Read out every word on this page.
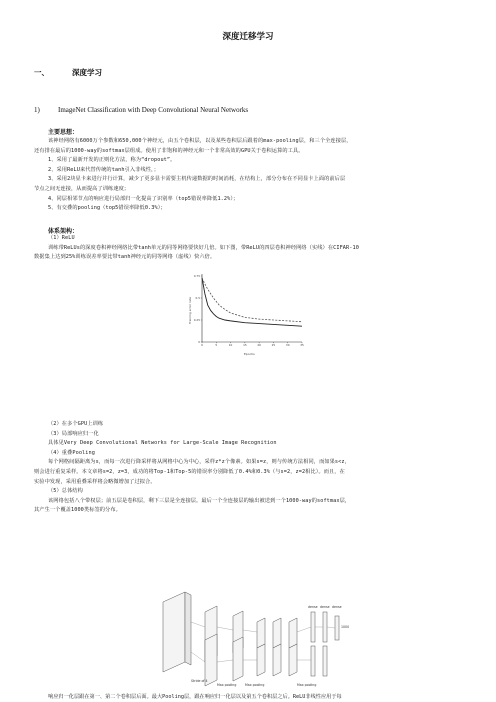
深度迁移学习
一、	深度学习
1)	ImageNet Classification with Deep Convolutional Neural Networks
主要思想：
该神经网络有6000万个参数和650,000个神经元，由五个卷积层，以及某些卷积层后跟着的max-pooling层，和三个全连接层，
还有排在最后的1000-way的softmax层组成。使用了非饱和的神经元和一个非常高效的GPU关于卷积运算的工具。
1、采用了最新开发的正则化方法，称为“dropout”。
2、采用ReLU来代替传统的tanh引入非线性，；
3、采用2块显卡来进行并行计算，减少了更多显卡需要主机传递数据的时间消耗，在结构上，部分分布在不同显卡上面的前后层
节点之间无连接，从而提高了训练速度；
4、同层相邻节点的响应进行局部归一化提高了识别率（top5错误率降低1.2%）；
5、有交叠的pooling（top5错误率降低0.3%）；
体系架构：
（1）ReLU
训练带ReLUs的深度卷积神经网络比带tanh单元的同等网络要快好几倍。如下图，带ReLU的四层卷积神经网络（实线）在CIFAR-10
数据集上达到25%训练误差率要比带tanh神经元的同等网络（虚线）快六倍。
Training error rate
Epochs
0.75
0.5
0.25
0
0	5	10	15	20	25	30	35
（2）在多个GPU上训练
（3）局部响应归一化
具体见Very Deep Convolutional Networks for Large-Scale Image Recognition
（4）重叠Pooling
每个网格间隔距离为s，而每一次进行降采样将从网格中心为中心，采样z*z个像素。如果s=z，则与传统方法相同，而如果s<z，
则会进行重复采样。本文章将s=2，z=3，成功的将Top-1和Top-5的错误率分别降低了0.4%和0.3%（与s=2，z=2相比）。而且，在
实验中发现，采用重叠采样将会略微增加了过拟合。
（5）总体结构
该网络包括八个带权层；前五层是卷积层，剩下三层是全连接层。最后一个全连接层的输出被送到一个1000-way的softmax层，
其产生一个覆盖1000类标签的分布。
Stride of 4
Max pooling	Max pooling	Max pooling
dense dense dense
1000
响应归一化层跟在第一、第二个卷积层后面。最大Pooling层，跟在响应归一化层以及第五个卷积层之后。ReLU非线性应用于每
